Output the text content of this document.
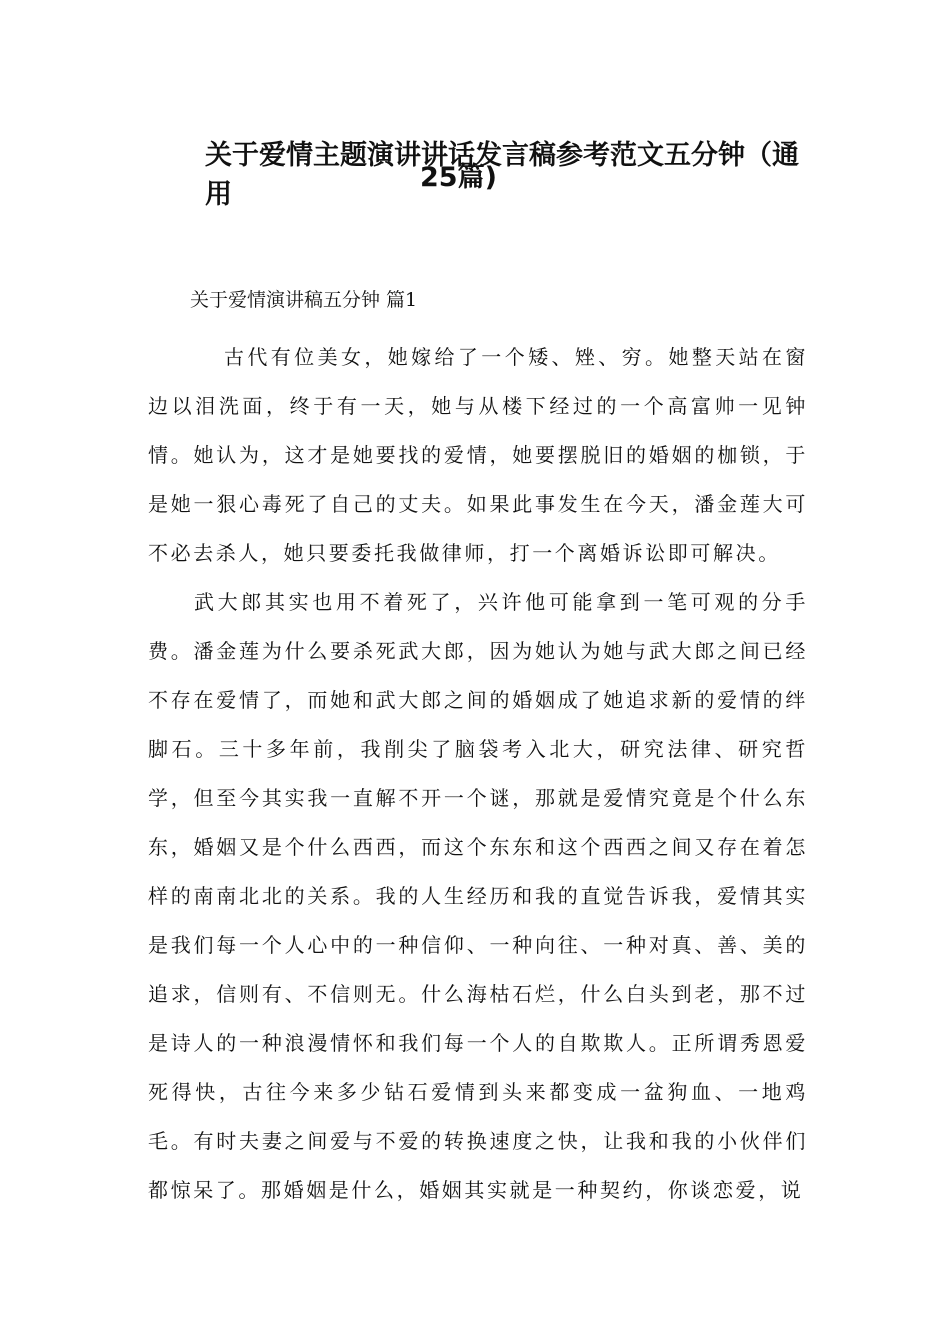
关于爱情主题演讲讲话发言稿参考范文五分钟（通用
25篇)
关于爱情演讲稿五分钟 篇1

古代有位美女，她嫁给了一个矮、矬、穷。她整天站在窗边以泪洗面，终于有一天，她与从楼下经过的一个高富帅一见钟情。她认为，这才是她要找的爱情，她要摆脱旧的婚姻的枷锁，于是她一狠心毒死了自己的丈夫。如果此事发生在今天，潘金莲大可不必去杀人，她只要委托我做律师，打一个离婚诉讼即可解决。

武大郎其实也用不着死了，兴许他可能拿到一笔可观的分手费。潘金莲为什么要杀死武大郎，因为她认为她与武大郎之间已经不存在爱情了，而她和武大郎之间的婚姻成了她追求新的爱情的绊脚石。三十多年前，我削尖了脑袋考入北大，研究法律、研究哲学，但至今其实我一直解不开一个谜，那就是爱情究竟是个什么东东，婚姻又是个什么西西，而这个东东和这个西西之间又存在着怎样的南南北北的关系。我的人生经历和我的直觉告诉我，爱情其实是我们每一个人心中的一种信仰、一种向往、一种对真、善、美的追求，信则有、不信则无。什么海枯石烂，什么白头到老，那不过是诗人的一种浪漫情怀和我们每一个人的自欺欺人。正所谓秀恩爱死得快，古往今来多少钻石爱情到头来都变成一盆狗血、一地鸡毛。有时夫妻之间爱与不爱的转换速度之快，让我和我的小伙伴们都惊呆了。那婚姻是什么，婚姻其实就是一种契约，你谈恋爱，说
